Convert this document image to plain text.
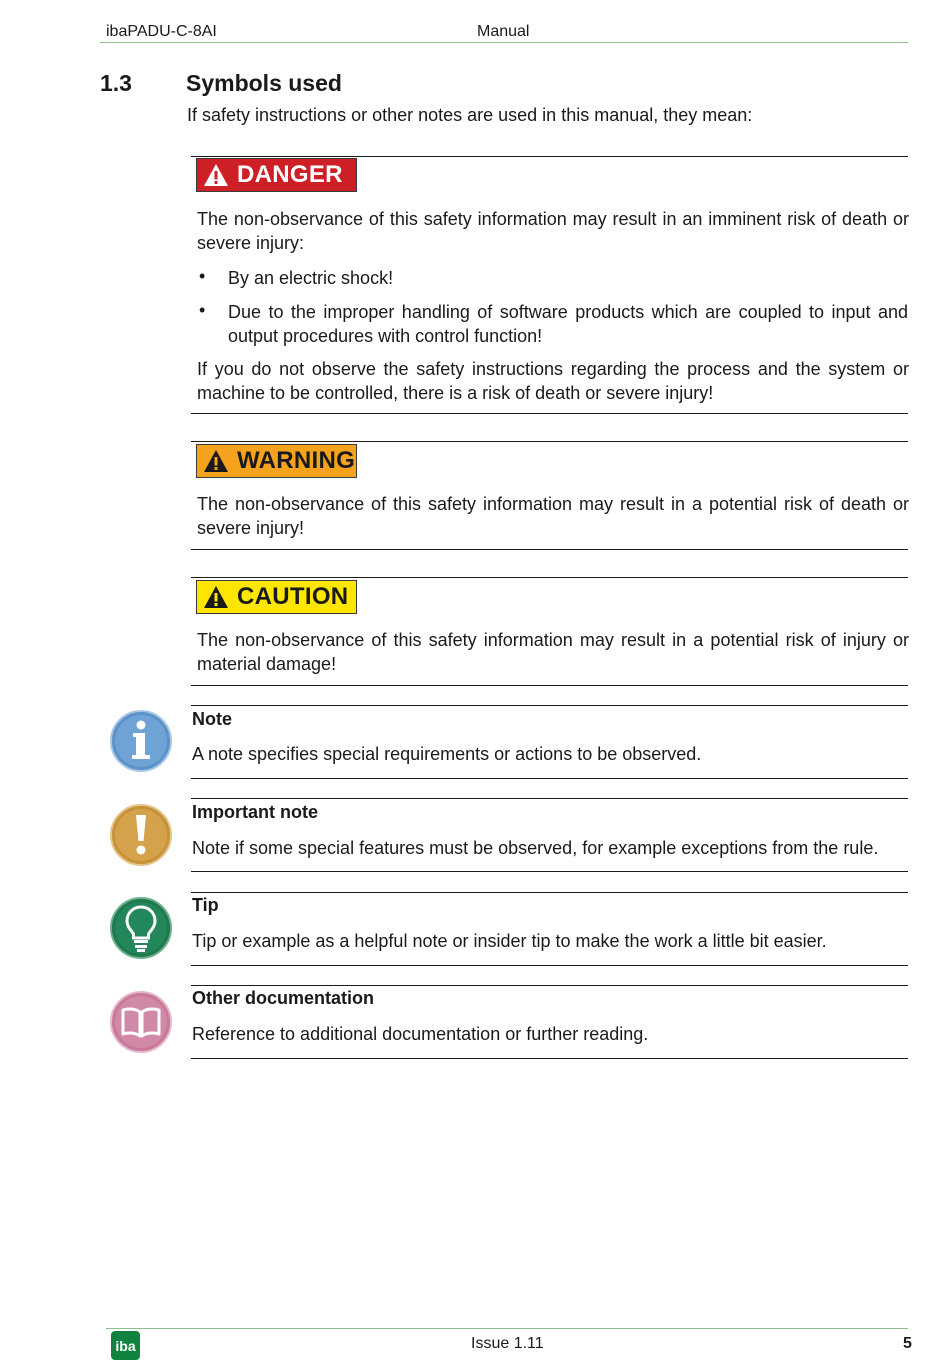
ibaPADU-C-8AI	Manual
1.3 Symbols used
If safety instructions or other notes are used in this manual, they mean:
DANGER

The non-observance of this safety information may result in an imminent risk of death or severe injury:

• By an electric shock!
• Due to the improper handling of software products which are coupled to input and output procedures with control function!

If you do not observe the safety instructions regarding the process and the system or machine to be controlled, there is a risk of death or severe injury!

WARNING

The non-observance of this safety information may result in a potential risk of death or severe injury!

CAUTION

The non-observance of this safety information may result in a potential risk of injury or material damage!

Note
A note specifies special requirements or actions to be observed.
Important note
Note if some special features must be observed, for example exceptions from the rule.
Tip
Tip or example as a helpful note or insider tip to make the work a little bit easier.
Other documentation
Reference to additional documentation or further reading.
iba	Issue 1.11	5
